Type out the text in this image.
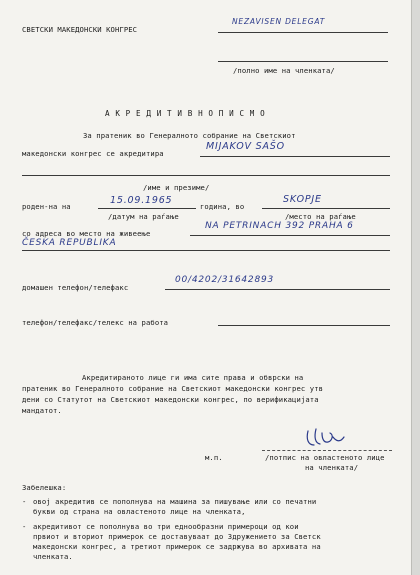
СВЕТСКИ МАКЕДОНСКИ КОНГРЕС
NEZAVISEN DELEGAT
/полно име на членката/
А К Р Е Д И Т И В Н О П И С М О
За пратеник во Генералното собрание на Светскиот
македонски конгрес се акредитира
MIJAKOV SAŠO
/име и презиме/
роден-на на
15.09.1965
година, во
SKOPJE
/датум на раѓање	/место на раѓање
со адреса во место на живеење
NA PETRINACH 392 PRAHA 6
ČESKA REPUBLIKA
домашен телефон/телефакс
00/4202/31642893
телефон/телефакс/телекс на работа
Акредитираното лице ги има сите права и обврски на
пратеник во Генералното собрание на Светскиот македонски конгрес утв
дени со Статутот на Светскиот македонски конгрес, по верификацијата
мандатот.
м.п.	/потпис на овластеното лице
на членката/
Забелешка:
- овој акредитив се пополнува на машина за пишување или со печатни
букви од страна на овластеното лице на членката,
- акредитивот се пополнува во три еднообразни примероци од кои
првиот и вториот примерок се доставуваат до Здружението за Светск
македонски конгрес, а третиот примерок се задржува во архивата на
членката.
